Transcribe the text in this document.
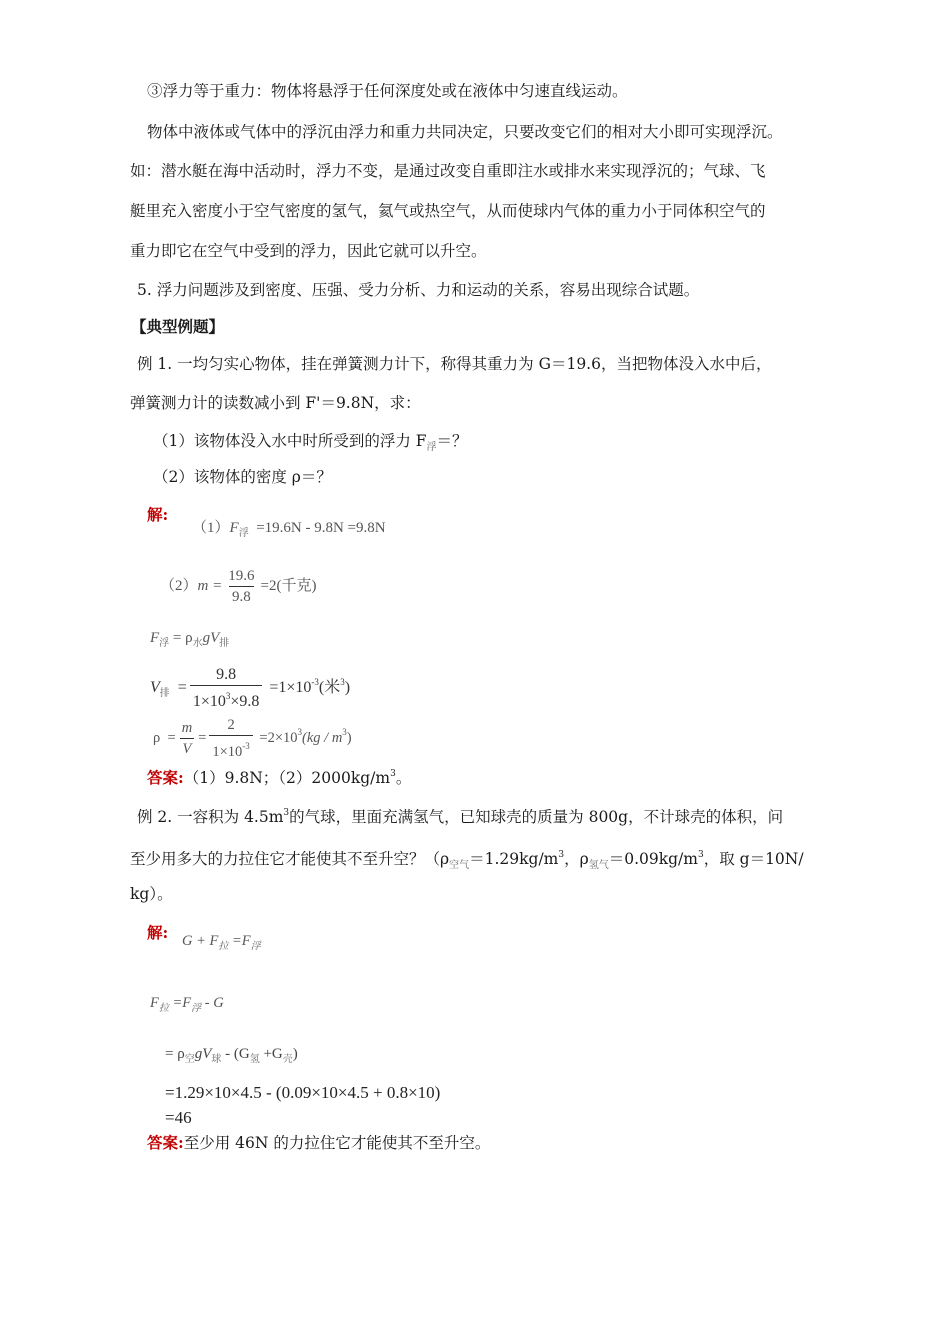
③浮力等于重力：物体将悬浮于任何深度处或在液体中匀速直线运动。
物体中液体或气体中的浮沉由浮力和重力共同决定，只要改变它们的相对大小即可实现浮沉。
如：潜水艇在海中活动时，浮力不变，是通过改变自重即注水或排水来实现浮沉的；气球、飞
艇里充入密度小于空气密度的氢气，氦气或热空气，从而使球内气体的重力小于同体积空气的
重力即它在空气中受到的浮力，因此它就可以升空。
5. 浮力问题涉及到密度、压强、受力分析、力和运动的关系，容易出现综合试题。
【典型例题】
例 1. 一均匀实心物体，挂在弹簧测力计下，称得其重力为 G＝19.6，当把物体没入水中后，
弹簧测力计的读数减小到 F'＝9.8N，求：
（1）该物体没入水中时所受到的浮力 $F_浮=$？
（2）该物体的密度 ρ＝？
解:
$(1)F_浮 =19.6N - 9.8N =9.8N$
$(2)m = \frac{19.6}{9.8} =2$(千克)
$F_浮 = \rho_水gV_排$
$V_排 = \frac{9.8}{1\times 10^3\times 9.8} =1\times 10^{-3}$(米$^3$)
$\rho = \frac{m}{V} = \frac{2}{1\times 10^{-3}} =2\times 10^3(kg / m^3)$
答案:（1）9.8N；$(2)2000kg/m^3$。
例 2. 一容积为 $4.5m^3$的气球，里面充满氢气，已知球壳的质量为 800g，不计球壳的体积，问
至少用多大的力拉住它才能使其不至升空？（$\rho_{空气}=1.29kg/m^3$，$\rho_{氢气}=0.09kg/m^3$，取 g＝10N/
kg）。
解: $G + F_拉 =F_浮$
$F_拉 =F_浮 - G$
= $\rho_空gV_球 - (G_氢 +G_壳)$
=1.29×10×4.5 - (0.09×10×4.5 + 0.8×10)
=46
答案:至少用 46N 的力拉住它才能使其不至升空。
